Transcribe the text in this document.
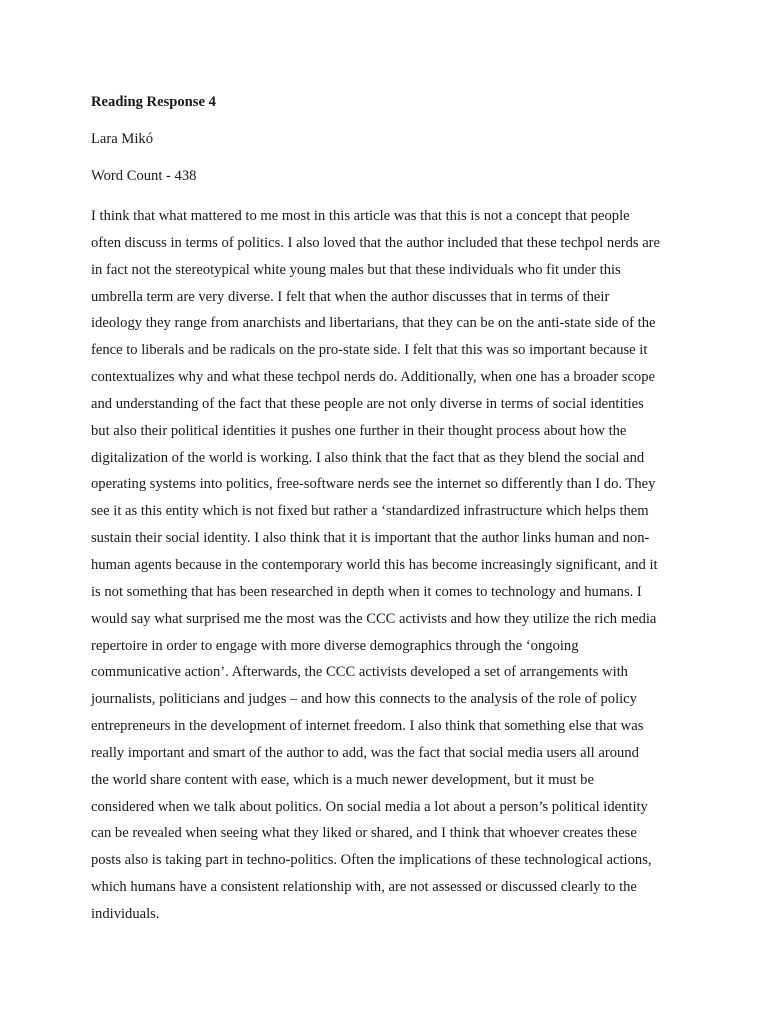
Reading Response 4

Lara Mikó

Word Count - 438

I think that what mattered to me most in this article was that this is not a concept that people
often discuss in terms of politics. I also loved that the author included that these techpol nerds are
in fact not the stereotypical white young males but that these individuals who fit under this
umbrella term are very diverse. I felt that when the author discusses that in terms of their
ideology they range from anarchists and libertarians, that they can be on the anti-state side of the
fence to liberals and be radicals on the pro-state side. I felt that this was so important because it
contextualizes why and what these techpol nerds do. Additionally, when one has a broader scope
and understanding of the fact that these people are not only diverse in terms of social identities
but also their political identities it pushes one further in their thought process about how the
digitalization of the world is working. I also think that the fact that as they blend the social and
operating systems into politics, free-software nerds see the internet so differently than I do. They
see it as this entity which is not fixed but rather a ‘standardized infrastructure which helps them
sustain their social identity. I also think that it is important that the author links human and non-
human agents because in the contemporary world this has become increasingly significant, and it
is not something that has been researched in depth when it comes to technology and humans. I
would say what surprised me the most was the CCC activists and how they utilize the rich media
repertoire in order to engage with more diverse demographics through the ‘ongoing
communicative action’. Afterwards, the CCC activists developed a set of arrangements with
journalists, politicians and judges – and how this connects to the analysis of the role of policy
entrepreneurs in the development of internet freedom. I also think that something else that was
really important and smart of the author to add, was the fact that social media users all around
the world share content with ease, which is a much newer development, but it must be
considered when we talk about politics. On social media a lot about a person’s political identity
can be revealed when seeing what they liked or shared, and I think that whoever creates these
posts also is taking part in techno-politics. Often the implications of these technological actions,
which humans have a consistent relationship with, are not assessed or discussed clearly to the
individuals.
